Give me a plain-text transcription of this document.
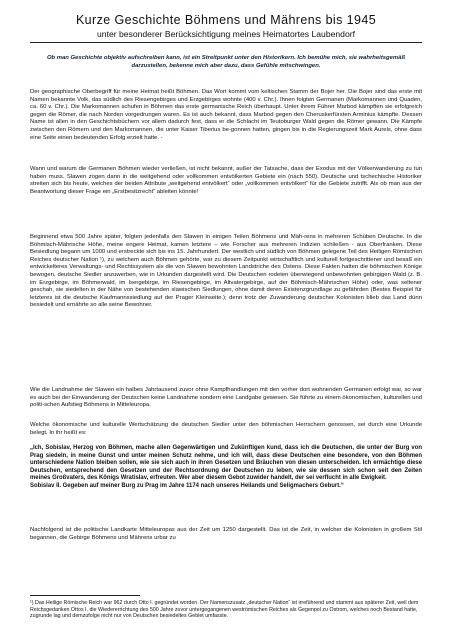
Kurze Geschichte Böhmens und Mährens bis 1945
unter besonderer Berücksichtigung meines Heimatortes Laubendorf
Ob man Geschichte objektiv aufschreiben kann, ist ein Streitpunkt unter den Historikern. Ich bemühe mich, sie wahrheitsgemäß darzustellen, bekenne mich aber dazu, dass Gefühle mitschwingen.

Der geographische Oberbegriff für meine Heimat heißt Böhmen. Das Wort kommt vom keltischen Stamm der Bojer her. Die Bojer sind das erste mit Namen bekannte Volk, das südlich des Riesengebirges und Erzgebirges wohnte (400 v. Chr.). Ihnen folgten Germanen (Markomannen und Quaden, ca. 60 v. Chr.). Die Markomannen schufen in Böhmen das erste germanische Reich überhaupt. Unter ihrem Führer Marbod kämpften sie erfolgreich gegen die Römer, die nach Norden vorgedrungen waren. Es ist auch bekannt, dass Marbod gegen den Cheruskerfürsten Arminius kämpfte. Dessen Name ist allen in den Geschichtsbüchern vor allem dadurch fest, dass er die Schlacht im Teutoburger Wald gegen die Römer gewann. Die Kämpfe zwischen den Römern und den Markomannen, die unter Kaiser Tiberius be-gonnen hatten, gingen bis in die Regierungszeit Mark Aurels, ohne dass eine Seite einen bedeutenden Erfolg erzielt hatte. -

Wann und warum die Germanen Böhmen wieder verließen, ist nicht bekannt, außer der Tatsache, dass der Exodus mit der Völkerwanderung zu tun haben muss. Slawen zogen dann in die weitgehend oder vollkommen entvölkerten Gebiete ein (nach 550). Deutsche und tschechische Historiker streiten sich bis heute, welches der beiden Attribute „weitgehend entvölkert“ oder „vollkommen entvölkert“ für die Gebiete zutrifft. Als ob man aus der Beantwortung dieser Frage ein „Erstbesitzrecht“ ableiten könnte!

Beginnend etwa 500 Jahre später, folgten jedenfalls den Slawen in einigen Teilen Böhmens und Mäh-rens in mehreren Schüben Deutsche. In die Böhmisch-Mährische Höhe, meine engere Heimat, kamen letztere – wie Forscher aus mehreren Indizien schließen - aus Oberfranken. Diese Besiedlung begann um 1000 und erstreckte sich bis ins 15. Jahrhundert. Der westlich und südlich von Böhmen gelegene Teil des Heiligen Römischen Reiches deutscher Nation ¹), zu welchem auch Böhmen gehörte, war zu diesem Zeitpunkt wirtschaftlich und kulturell fortgeschrittener und besaß ein entwickelteres Verwaltungs- und Rechtssystem als die von Slawen bewohnten Landstriche des Ostens. Diese Fakten hatten die böhmischen Könige bewogen, deutsche Siedler anzuwerben, wie in Urkunden dargestellt wird. Die Deutschen rodeten überwiegend unbewohnten gebirgigen Wald (z. B. im Erzgebirge, im Böhmerwald, im Isergebirge, im Riesengebirge, im Altvatergebirge, auf der Böhmisch-Mährischen Höhe) oder, was seltener geschah, sie siedelten in der Nähe von bestehenden slawischen Siedlungen, ohne damit deren Existenzgrundlage zu gefährden (Bestes Beispiel für letzteres ist die deutsche Kaufmannssiedlung auf der Prager Kleinseite.); denn trotz der Zuwanderung deutscher Kolonisten blieb das Land dünn besiedelt und ernährte so alle seine Bewohner.

Wie die Landnahme der Slawen ein halbes Jahrtausend zuvor ohne Kampfhandlungen mit den vorher dort wohnenden Germanen erfolgt war, so war es auch bei der Einwanderung der Deutschen keine Landnahme sondern eine Landgabe gewesen. Sie führte zu einem ökonomischen, kulturellen und politi-schen Aufstieg Böhmens in Mitteleuropa.

Welche ökonomische und kulturelle Wertschätzung die deutschen Siedler unter den böhmischen Herrschern genossen, sei durch eine Urkunde belegt. In ihr heißt es:

„Ich, Sobislav, Herzog von Böhmen, mache allen Gegenwärtigen und Zukünftigen kund, dass ich die Deutschen, die unter der Burg von Prag siedeln, in meine Gunst und unter meinen Schutz nehme, und ich will, dass diese Deutschen eine besondere, von den Böhmen unterschiedene Nation bleiben sollen, wie sie sich auch in ihren Gesetzen und Bräuchen von diesen unterscheiden. Ich ermächtige diese Deutschen, entsprechend den Gesetzen und der Rechtsordnung der Deutschen zu leben, wie sie dessen sich schon seit den Zeiten meines Großvaters, des Königs Wratislav, erfreuten. Wer aber diesem Gebot zuwider handelt, der sei verflucht in alle Ewigkeit.
Sobislav II. Gegeben auf meiner Burg zu Prag im Jahre 1174 nach unseres Heilands und Seligmachers Geburt.“

Nachfolgend ist die politische Landkarte Mitteleuropas aus der Zeit um 1250 dargestellt. Das ist die Zeit, in welcher die Kolonisten in großem Stil begannen, die Gebirge Böhmens und Mährens urbar zu

¹) Das Heilige Römische Reich war 962 durch Otto I. gegründet worden. Der Namenszusatz „deutscher Nation“ ist irreführend und stammt aus späterer Zeit, weil dem Reichsgedanken Ottos I. die Wiedererrichtung des 500 Jahre zuvor untergegangenen weströmischen Reiches als Gegenpol zu Ostrom, welches noch Bestand hatte, zugrunde lag und demzufolge nicht nur von Deutschen besiedeltes Gebiet umfasste.
